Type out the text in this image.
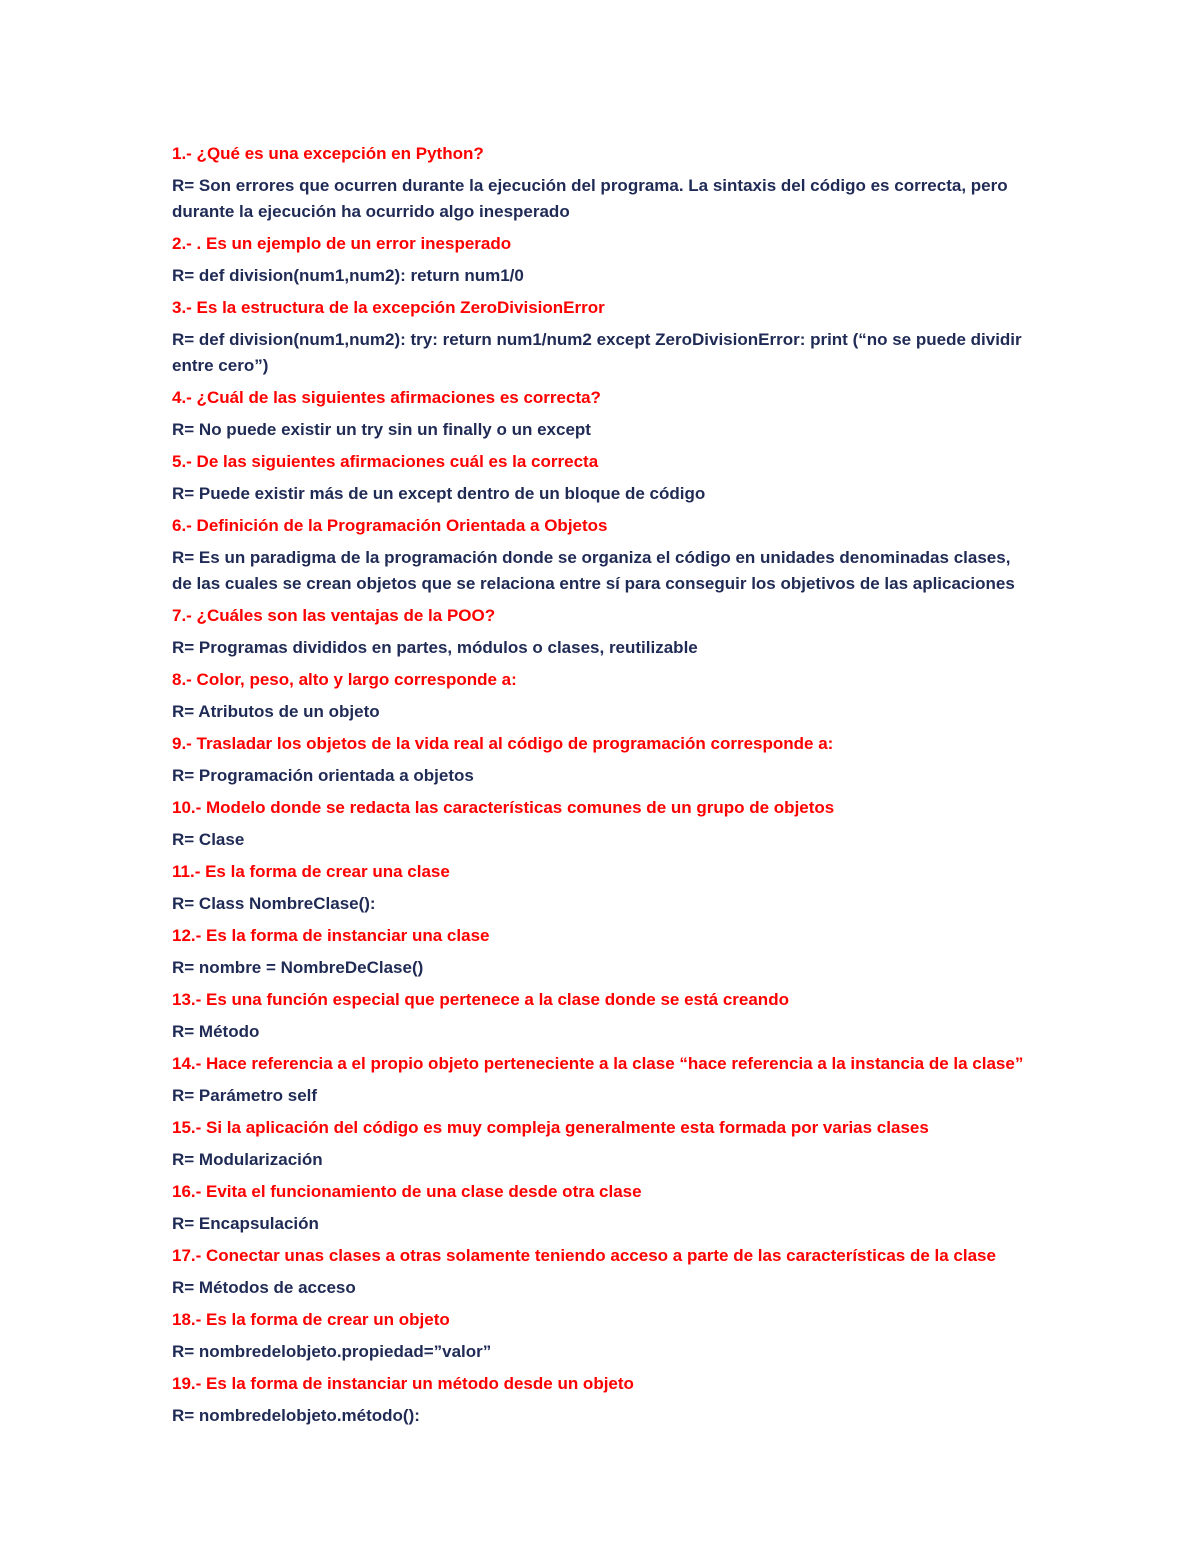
1.- ¿Qué es una excepción en Python?

R= Son errores que ocurren durante la ejecución del programa. La sintaxis del código es correcta, pero durante la ejecución ha ocurrido algo inesperado

2.- . Es un ejemplo de un error inesperado

R= def division(num1,num2): return num1/0

3.- Es la estructura de la excepción ZeroDivisionError

R= def division(num1,num2): try: return num1/num2 except ZeroDivisionError: print (“no se puede dividir entre cero”)

4.- ¿Cuál de las siguientes afirmaciones es correcta?

R= No puede existir un try sin un finally o un except

5.- De las siguientes afirmaciones cuál es la correcta

R= Puede existir más de un except dentro de un bloque de código

6.- Definición de la Programación Orientada a Objetos

R= Es un paradigma de la programación donde se organiza el código en unidades denominadas clases, de las cuales se crean objetos que se relaciona entre sí para conseguir los objetivos de las aplicaciones

7.- ¿Cuáles son las ventajas de la POO?

R= Programas divididos en partes, módulos o clases, reutilizable

8.- Color, peso, alto y largo corresponde a:

R= Atributos de un objeto

9.- Trasladar los objetos de la vida real al código de programación corresponde a:

R= Programación orientada a objetos

10.- Modelo donde se redacta las características comunes de un grupo de objetos

R= Clase

11.- Es la forma de crear una clase

R= Class NombreClase():

12.- Es la forma de instanciar una clase

R= nombre = NombreDeClase()

13.- Es una función especial que pertenece a la clase donde se está creando

R= Método

14.- Hace referencia a el propio objeto perteneciente a la clase “hace referencia a la instancia de la clase”

R= Parámetro self

15.- Si la aplicación del código es muy compleja generalmente esta formada por varias clases

R= Modularización

16.- Evita el funcionamiento de una clase desde otra clase

R= Encapsulación

17.- Conectar unas clases a otras solamente teniendo acceso a parte de las características de la clase

R= Métodos de acceso

18.- Es la forma de crear un objeto

R= nombredelobjeto.propiedad=”valor”

19.- Es la forma de instanciar un método desde un objeto

R= nombredelobjeto.método():
